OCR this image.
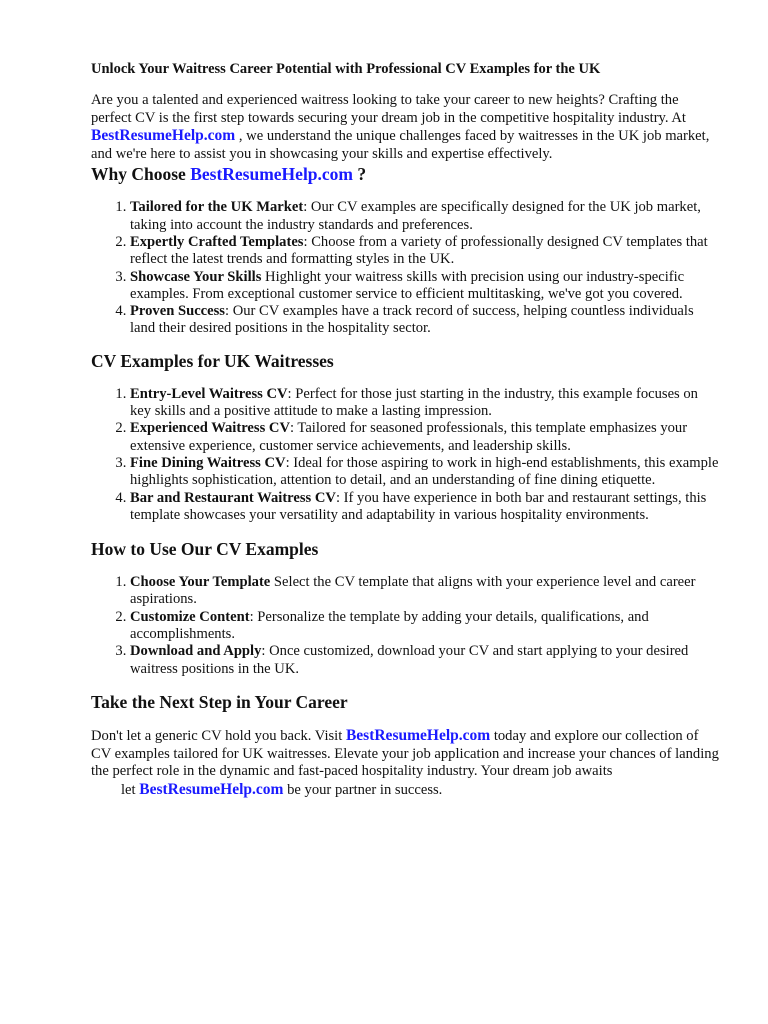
Unlock Your Waitress Career Potential with Professional CV Examples for the UK

Are you a talented and experienced waitress looking to take your career to new heights? Crafting the perfect CV is the first step towards securing your dream job in the competitive hospitality industry. At BestResumeHelp.com , we understand the unique challenges faced by waitresses in the UK job market, and we're here to assist you in showcasing your skills and expertise effectively.

Why Choose BestResumeHelp.com ?
1. Tailored for the UK Market: Our CV examples are specifically designed for the UK job market, taking into account the industry standards and preferences.
2. Expertly Crafted Templates: Choose from a variety of professionally designed CV templates that reflect the latest trends and formatting styles in the UK.
3. Showcase Your Skills Highlight your waitress skills with precision using our industry-specific examples. From exceptional customer service to efficient multitasking, we've got you covered.
4. Proven Success: Our CV examples have a track record of success, helping countless individuals land their desired positions in the hospitality sector.
CV Examples for UK Waitresses
1. Entry-Level Waitress CV: Perfect for those just starting in the industry, this example focuses on key skills and a positive attitude to make a lasting impression.
2. Experienced Waitress CV: Tailored for seasoned professionals, this template emphasizes your extensive experience, customer service achievements, and leadership skills.
3. Fine Dining Waitress CV: Ideal for those aspiring to work in high-end establishments, this example highlights sophistication, attention to detail, and an understanding of fine dining etiquette.
4. Bar and Restaurant Waitress CV: If you have experience in both bar and restaurant settings, this template showcases your versatility and adaptability in various hospitality environments.
How to Use Our CV Examples
1. Choose Your Template Select the CV template that aligns with your experience level and career aspirations.
2. Customize Content: Personalize the template by adding your details, qualifications, and accomplishments.
3. Download and Apply: Once customized, download your CV and start applying to your desired waitress positions in the UK.
Take the Next Step in Your Career

Don't let a generic CV hold you back. Visit BestResumeHelp.com today and explore our collection of CV examples tailored for UK waitresses. Elevate your job application and increase your chances of landing the perfect role in the dynamic and fast-paced hospitality industry. Your dream job awaits
let BestResumeHelp.com be your partner in success.
